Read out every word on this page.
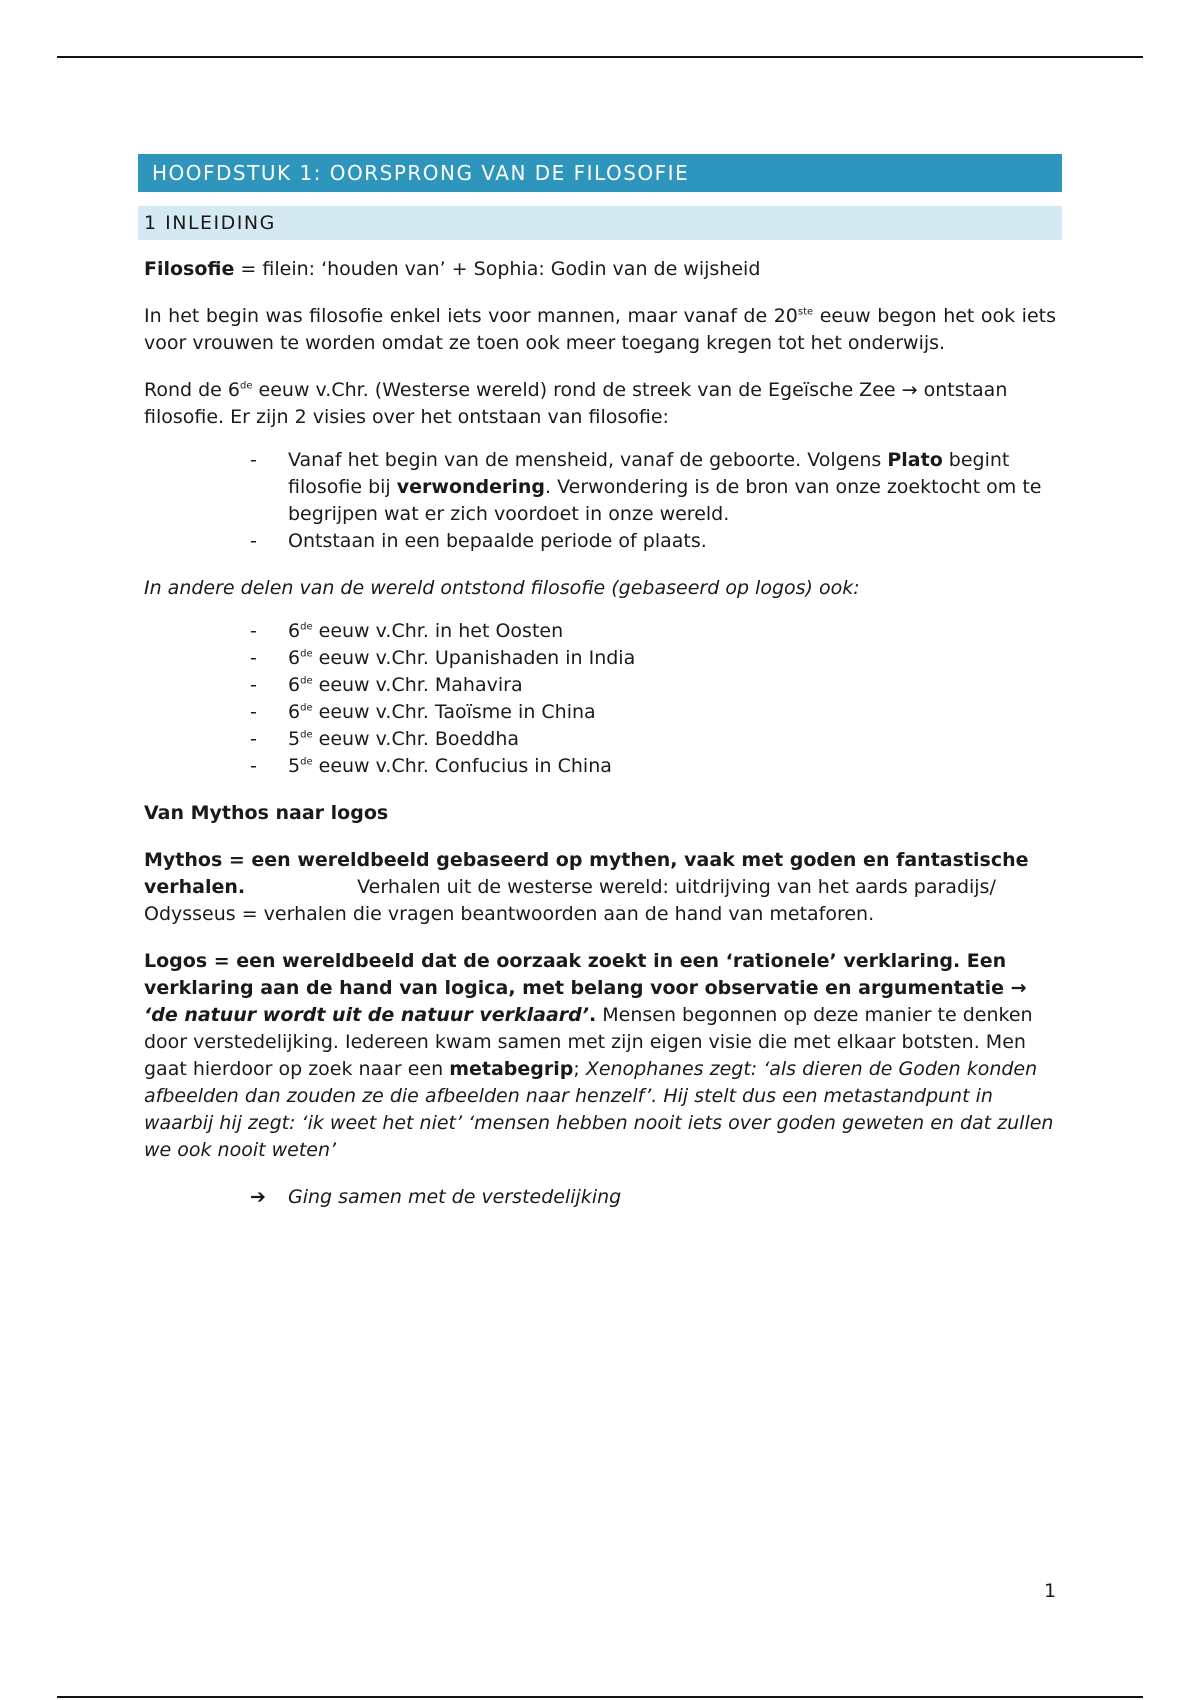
HOOFDSTUK 1: OORSPRONG VAN DE FILOSOFIE
1 INLEIDING

Filosofie = filein: ‘houden van’ + Sophia: Godin van de wijsheid

In het begin was filosofie enkel iets voor mannen, maar vanaf de 20ste eeuw begon het ook iets voor vrouwen te worden omdat ze toen ook meer toegang kregen tot het onderwijs.

Rond de 6de eeuw v.Chr. (Westerse wereld) rond de streek van de Egeïsche Zee → ontstaan filosofie. Er zijn 2 visies over het ontstaan van filosofie:

- Vanaf het begin van de mensheid, vanaf de geboorte. Volgens Plato begint filosofie bij verwondering. Verwondering is de bron van onze zoektocht om te begrijpen wat er zich voordoet in onze wereld.
- Ontstaan in een bepaalde periode of plaats.

In andere delen van de wereld ontstond filosofie (gebaseerd op logos) ook:

- 6de eeuw v.Chr. in het Oosten
- 6de eeuw v.Chr. Upanishaden in India
- 6de eeuw v.Chr. Mahavira
- 6de eeuw v.Chr. Taoïsme in China
- 5de eeuw v.Chr. Boeddha
- 5de eeuw v.Chr. Confucius in China

Van Mythos naar logos

Mythos = een wereldbeeld gebaseerd op mythen, vaak met goden en fantastische verhalen.	Verhalen uit de westerse wereld: uitdrijving van het aards paradijs/ Odysseus = verhalen die vragen beantwoorden aan de hand van metaforen.

Logos = een wereldbeeld dat de oorzaak zoekt in een ‘rationele’ verklaring. Een verklaring aan de hand van logica, met belang voor observatie en argumentatie → ‘de natuur wordt uit de natuur verklaard’. Mensen begonnen op deze manier te denken door verstedelijking. Iedereen kwam samen met zijn eigen visie die met elkaar botsten. Men gaat hierdoor op zoek naar een metabegrip; Xenophanes zegt: ‘als dieren de Goden konden afbeelden dan zouden ze die afbeelden naar henzelf’. Hij stelt dus een metastandpunt in waarbij hij zegt: ‘ik weet het niet’ ‘mensen hebben nooit iets over goden geweten en dat zullen we ook nooit weten’

➔ Ging samen met de verstedelijking
1
